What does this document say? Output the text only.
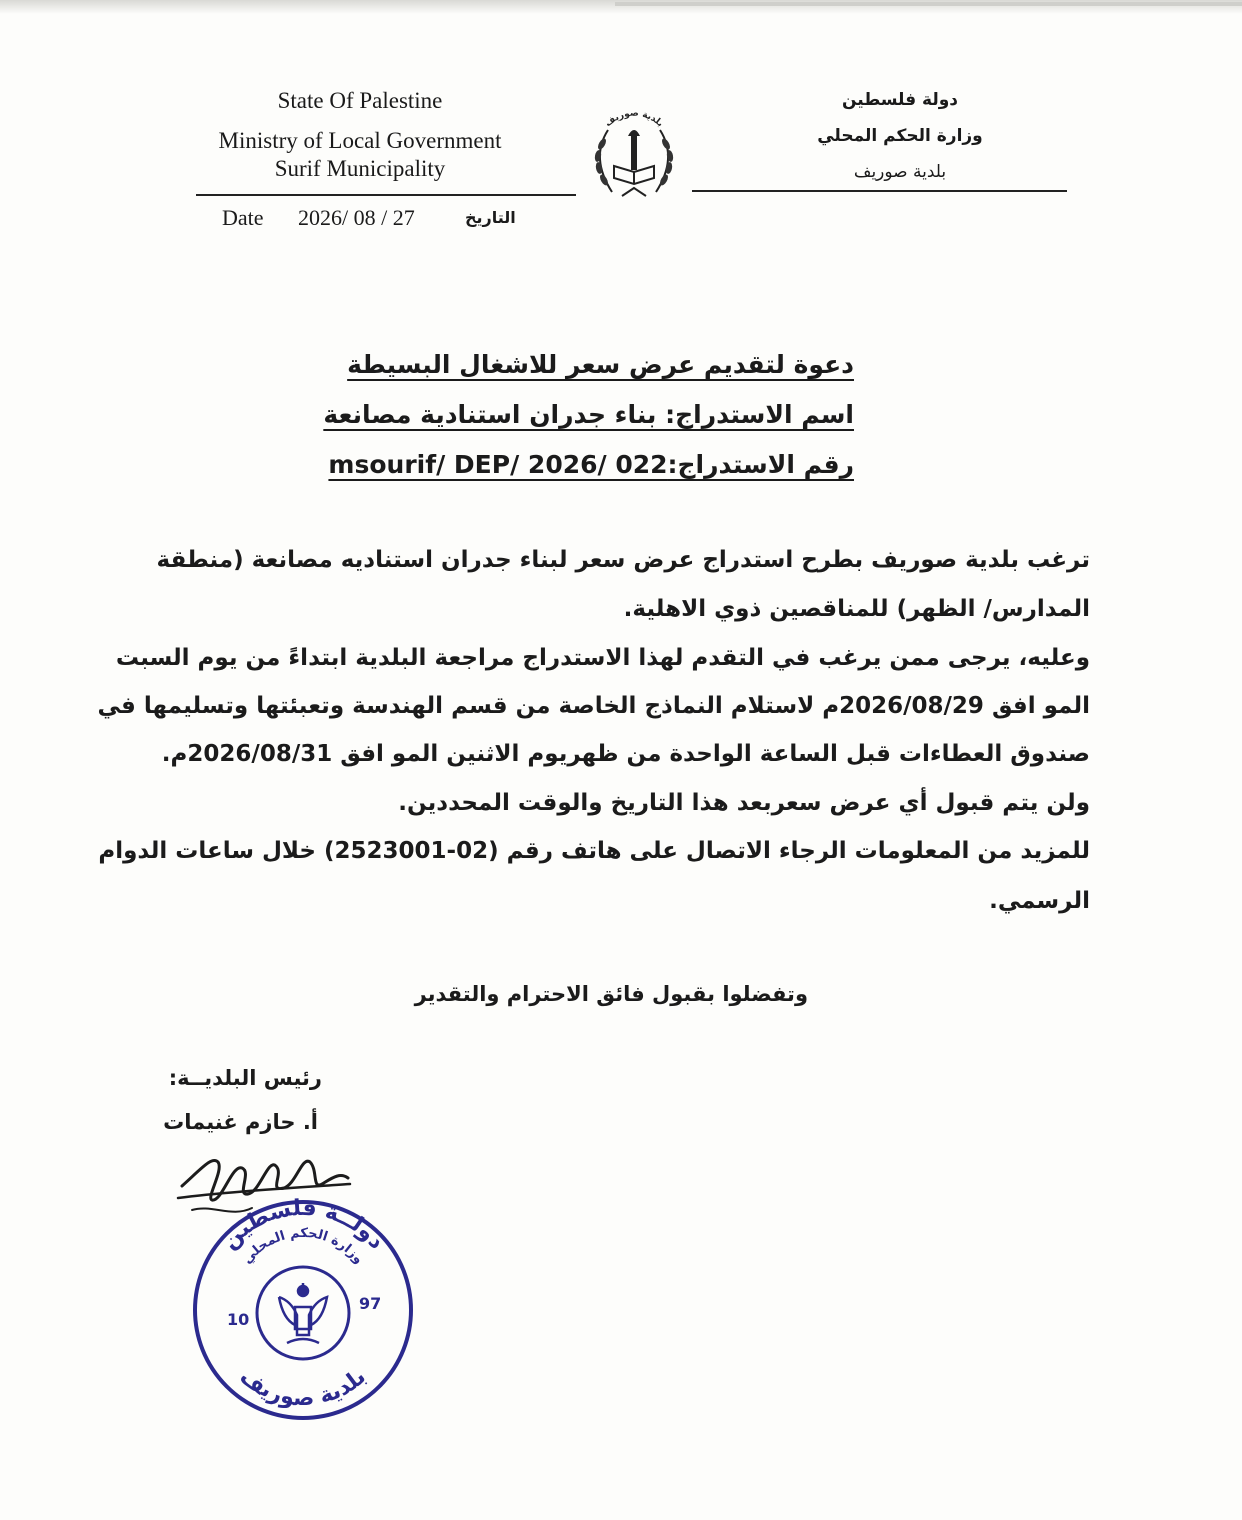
State Of Palestine
Ministry of Local Government
Surif Municipality
دولة فلسطين
وزارة الحكم المحلي
بلدية صوريف
بلدية صوريف
Date 2026/ 08 / 27	التاريخ
دعوة لتقديم عرض سعر للاشغال البسيطة
اسم الاستدراج: بناء جدران استنادية مصانعة
رقم الاستدراج:msourif/ DEP/ 2026/ 022
ترغب بلدية صوريف بطرح استدراج عرض سعر لبناء جدران استناديه مصانعة (منطقة
المدارس/ الظهر) للمناقصين ذوي الاهلية.
وعليه، يرجى ممن يرغب في التقدم لهذا الاستدراج مراجعة البلدية ابتداءً من يوم السبت
المو افق 2026/08/29م لاستلام النماذج الخاصة من قسم الهندسة وتعبئتها وتسليمها في
صندوق العطاءات قبل الساعة الواحدة من ظهريوم الاثنين المو افق 2026/08/31م.
ولن يتم قبول أي عرض سعربعد هذا التاريخ والوقت المحددين.
للمزيد من المعلومات الرجاء الاتصال على هاتف رقم (02-2523001) خلال ساعات الدوام
الرسمي.
وتفضلوا بقبول فائق الاحترام والتقدير
رئيس البلديــة:
أ. حازم غنيمات
دولــة فلسطين
وزارة الحكم المحلي
بلدية صوريف
10
97
